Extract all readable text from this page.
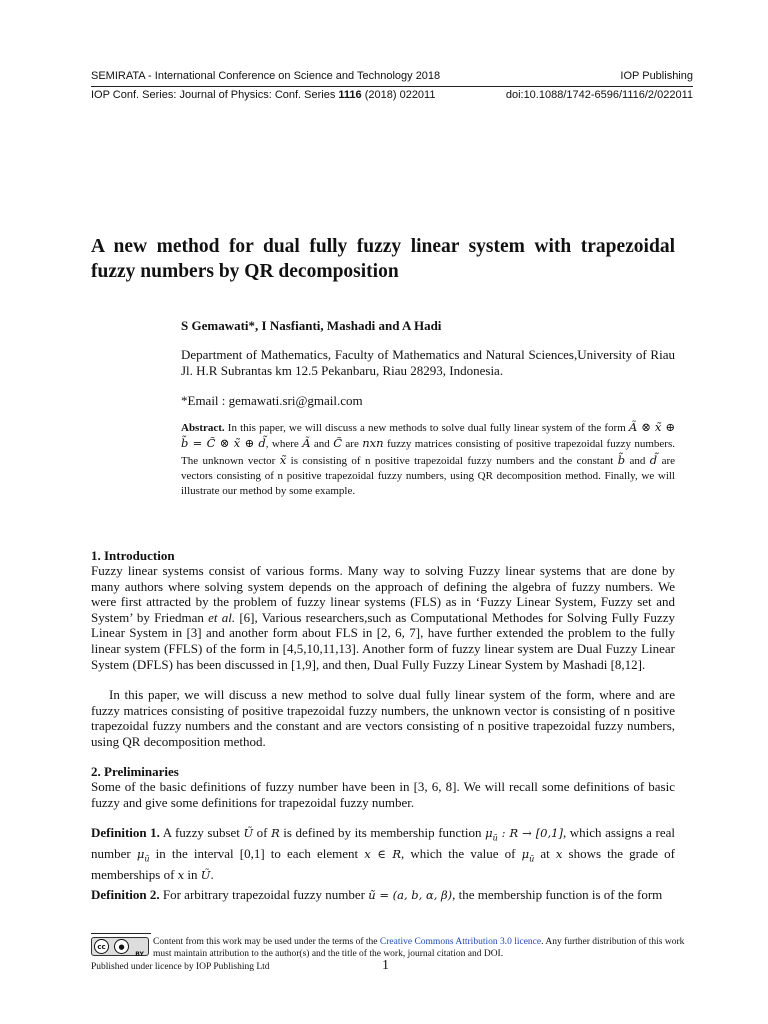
SEMIRATA - International Conference on Science and Technology 2018	IOP Publishing
IOP Conf. Series: Journal of Physics: Conf. Series 1116 (2018) 022011	doi:10.1088/1742-6596/1116/2/022011
A new method for dual fully fuzzy linear system with trapezoidal fuzzy numbers by QR decomposition
S Gemawati*, I Nasfianti, Mashadi and A Hadi
Department of Mathematics, Faculty of Mathematics and Natural Sciences,University of Riau Jl. H.R Subrantas km 12.5 Pekanbaru, Riau 28293, Indonesia.
*Email : gemawati.sri@gmail.com
Abstract. In this paper, we will discuss a new methods to solve dual fully linear system of the form Ã ⊗ x̃ ⊕ b̃ = C̃ ⊗ x̃ ⊕ d̃, where Ã and C̃ are nxn fuzzy matrices consisting of positive trapezoidal fuzzy numbers. The unknown vector x̃ is consisting of n positive trapezoidal fuzzy numbers and the constant b̃ and d̃ are vectors consisting of n positive trapezoidal fuzzy numbers, using QR decomposition method. Finally, we will illustrate our method by some example.
1. Introduction
Fuzzy linear systems consist of various forms. Many way to solving Fuzzy linear systems that are done by many authors where solving system depends on the approach of defining the algebra of fuzzy numbers. We were first attracted by the problem of fuzzy linear systems (FLS) as in ‘Fuzzy Linear System, Fuzzy set and System’ by Friedman et al. [6], Various researchers,such as Computational Methodes for Solving Fully Fuzzy Linear System in [3] and another form about FLS in [2, 6, 7], have further extended the problem to the fully linear system (FFLS) of the form in [4,5,10,11,13]. Another form of fuzzy linear system are Dual Fuzzy Linear System (DFLS) has been discussed in [1,9], and then, Dual Fully Fuzzy Linear System by Mashadi [8,12].
In this paper, we will discuss a new method to solve dual fully linear system of the form, where and are fuzzy matrices consisting of positive trapezoidal fuzzy numbers, the unknown vector is consisting of n positive trapezoidal fuzzy numbers and the constant and are vectors consisting of n positive trapezoidal fuzzy numbers, using QR decomposition method.
2. Preliminaries
Some of the basic definitions of fuzzy number have been in [3, 6, 8]. We will recall some definitions of basic fuzzy and give some definitions for trapezoidal fuzzy number.
Definition 1. A fuzzy subset Ũ of R is defined by its membership function $\mu_ũ$ : R → [0,1], which assigns a real number $\mu_ũ$ in the interval [0,1] to each element x ∈ R, which the value of $\mu_ũ$ at x shows the grade of memberships of x in Ũ.
Definition 2. For arbitrary trapezoidal fuzzy number ũ = (a, b, α, β), the membership function is of the form
cc	●
BY
Content from this work may be used under the terms of the Creative Commons Attribution 3.0 licence. Any further distribution of this work must maintain attribution to the author(s) and the title of the work, journal citation and DOI.
Published under licence by IOP Publishing Ltd	1
